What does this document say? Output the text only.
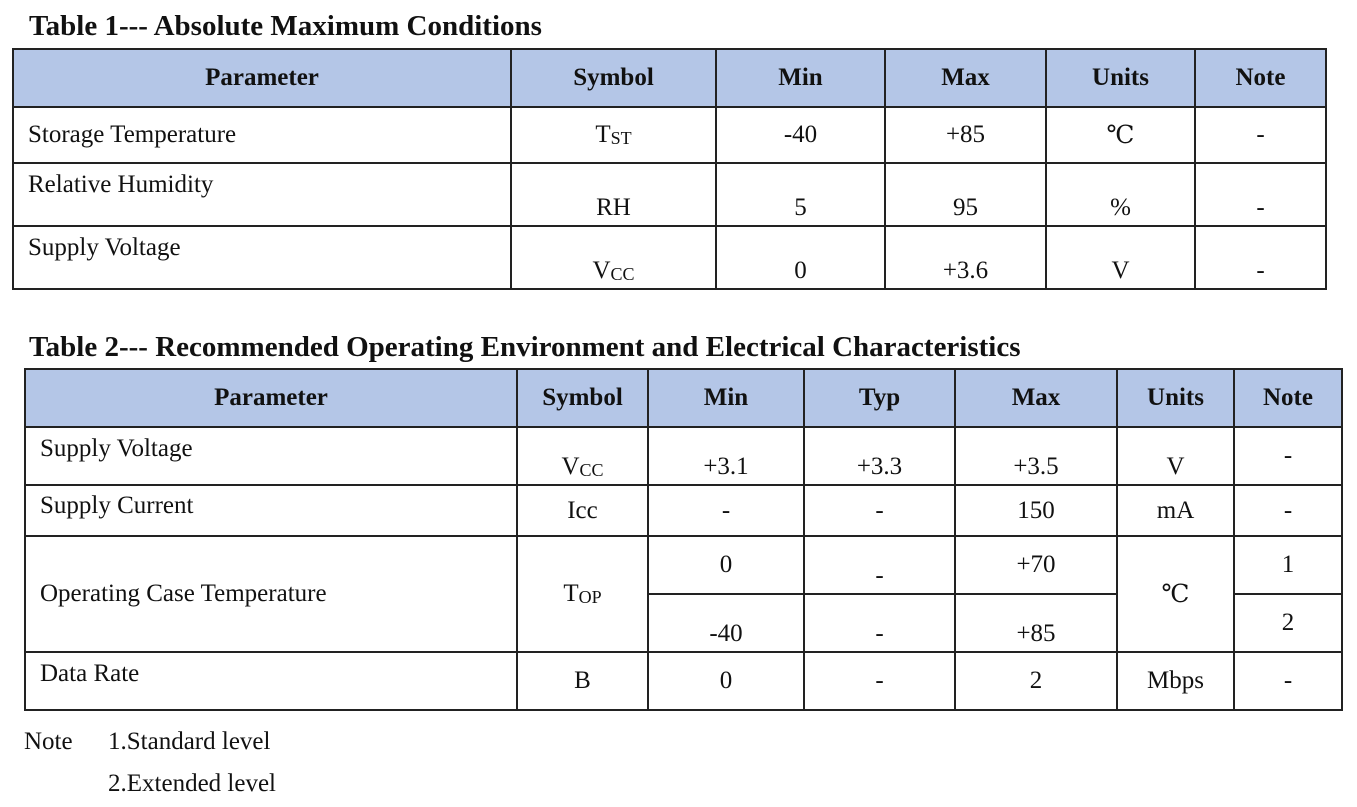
Table 1--- Absolute Maximum Conditions
Parameter	Symbol	Min	Max	Units	Note
Storage Temperature	$T_{ST}$	-40	+85	℃	-
Relative Humidity	RH	5	95	%	-
Supply Voltage	$V_{CC}$	0	+3.6	V	-
Table 2--- Recommended Operating Environment and Electrical Characteristics
Parameter	Symbol	Min	Typ	Max	Units	Note
Supply Voltage	$V_{CC}$	+3.1	+3.3	+3.5	V	-
Supply Current	Icc	-	-	150	mA	-
Operating Case Temperature	$T_{OP}$	0	-	+70	℃	1
		-40	-	+85		2
Data Rate	B	0	-	2	Mbps	-
Note 1.Standard level
2.Extended level
